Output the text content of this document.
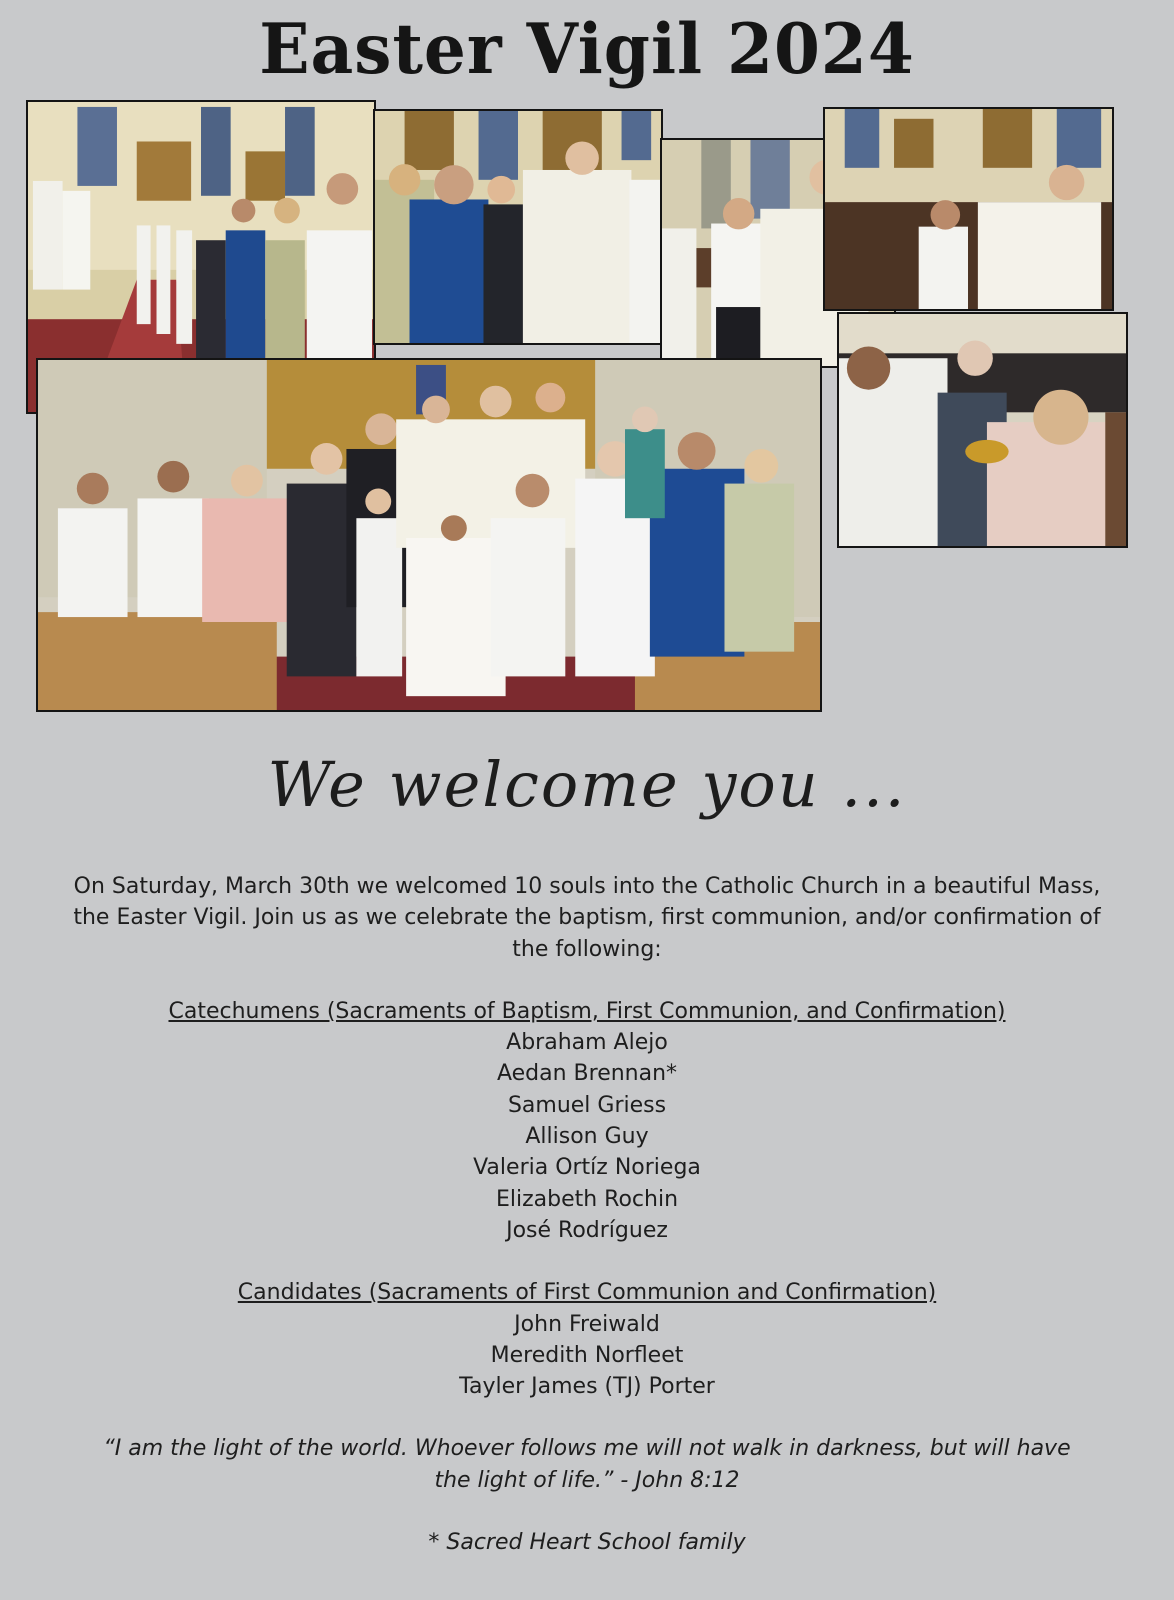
Easter Vigil 2024
We welcome you ...

On Saturday, March 30th we welcomed 10 souls into the Catholic Church in a beautiful Mass, the Easter Vigil. Join us as we celebrate the baptism, first communion, and/or confirmation of the following:

Catechumens (Sacraments of Baptism, First Communion, and Confirmation)

Abraham Alejo
Aedan Brennan*
Samuel Griess
Allison Guy
Valeria Ortíz Noriega
Elizabeth Rochin
José Rodríguez

Candidates (Sacraments of First Communion and Confirmation)

John Freiwald
Meredith Norfleet
Tayler James (TJ) Porter

“I am the light of the world. Whoever follows me will not walk in darkness, but will have the light of life.” - John 8:12

* Sacred Heart School family
